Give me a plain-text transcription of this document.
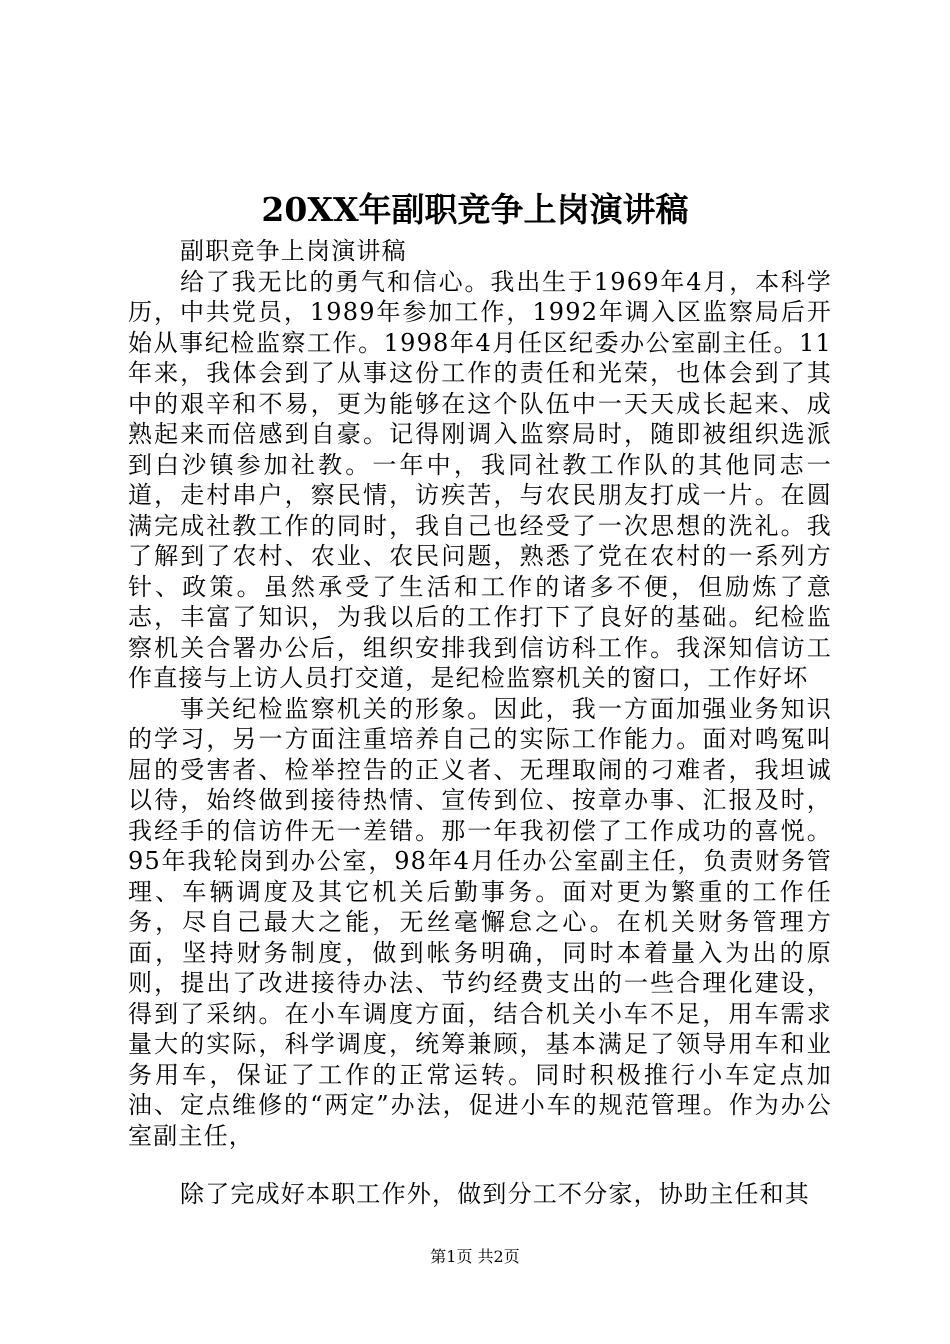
20XX年副职竞争上岗演讲稿

副职竞争上岗演讲稿

给了我无比的勇气和信心。我出生于1969年4月，本科学历，中共党员，1989年参加工作，1992年调入区监察局后开始从事纪检监察工作。1998年4月任区纪委办公室副主任。11年来，我体会到了从事这份工作的责任和光荣，也体会到了其中的艰辛和不易，更为能够在这个队伍中一天天成长起来、成熟起来而倍感到自豪。记得刚调入监察局时，随即被组织选派到白沙镇参加社教。一年中，我同社教工作队的其他同志一道，走村串户，察民情，访疾苦，与农民朋友打成一片。在圆满完成社教工作的同时，我自己也经受了一次思想的洗礼。我了解到了农村、农业、农民问题，熟悉了党在农村的一系列方针、政策。虽然承受了生活和工作的诸多不便，但励炼了意志，丰富了知识，为我以后的工作打下了良好的基础。纪检监察机关合署办公后，组织安排我到信访科工作。我深知信访工作直接与上访人员打交道，是纪检监察机关的窗口，工作好坏

事关纪检监察机关的形象。因此，我一方面加强业务知识的学习，另一方面注重培养自己的实际工作能力。面对鸣冤叫屈的受害者、检举控告的正义者、无理取闹的刁难者，我坦诚以待，始终做到接待热情、宣传到位、按章办事、汇报及时，我经手的信访件无一差错。那一年我初偿了工作成功的喜悦。95年我轮岗到办公室，98年4月任办公室副主任，负责财务管理、车辆调度及其它机关后勤事务。面对更为繁重的工作任务，尽自己最大之能，无丝毫懈怠之心。在机关财务管理方面，坚持财务制度，做到帐务明确，同时本着量入为出的原则，提出了改进接待办法、节约经费支出的一些合理化建设，得到了采纳。在小车调度方面，结合机关小车不足，用车需求量大的实际，科学调度，统筹兼顾，基本满足了领导用车和业务用车，保证了工作的正常运转。同时积极推行小车定点加油、定点维修的“两定”办法，促进小车的规范管理。作为办公室副主任，

除了完成好本职工作外，做到分工不分家，协助主任和其

第1页 共2页
